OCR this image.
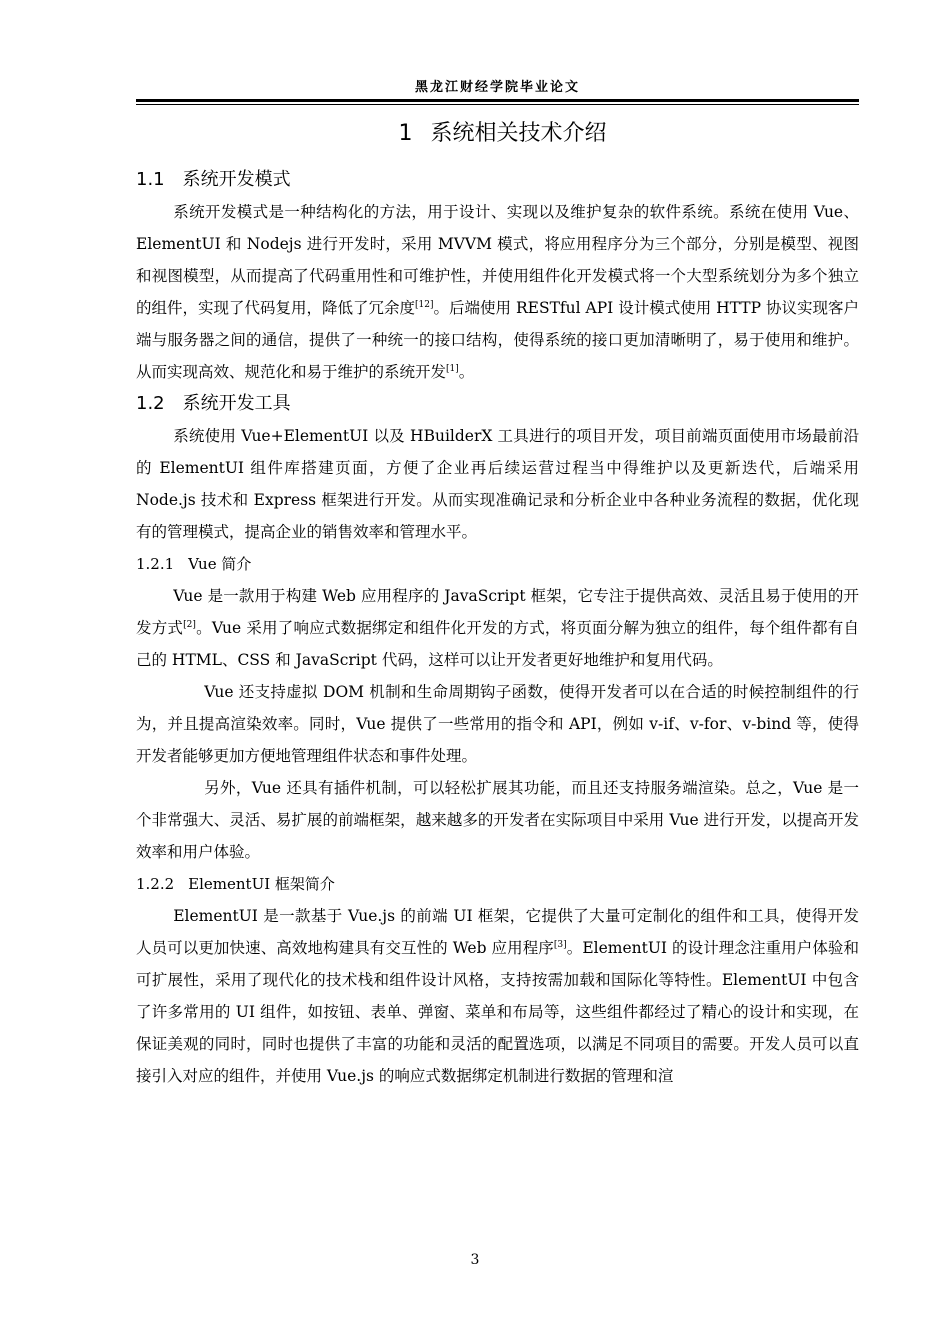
黑龙江财经学院毕业论文
1 系统相关技术介绍
1.1 系统开发模式

系统开发模式是一种结构化的方法，用于设计、实现以及维护复杂的软件系统。系统在使用 Vue、ElementUI 和 Nodejs 进行开发时，采用 MVVM 模式，将应用程序分为三个部分，分别是模型、视图和视图模型，从而提高了代码重用性和可维护性，并使用组件化开发模式将一个大型系统划分为多个独立的组件，实现了代码复用，降低了冗余度[12]。后端使用 RESTful API 设计模式使用 HTTP 协议实现客户端与服务器之间的通信，提供了一种统一的接口结构，使得系统的接口更加清晰明了，易于使用和维护。从而实现高效、规范化和易于维护的系统开发[1]。

1.2 系统开发工具

系统使用 Vue+ElementUI 以及 HBuilderX 工具进行的项目开发，项目前端页面使用市场最前沿的 ElementUI 组件库搭建页面，方便了企业再后续运营过程当中得维护以及更新迭代，后端采用 Node.js 技术和 Express 框架进行开发。从而实现准确记录和分析企业中各种业务流程的数据，优化现有的管理模式，提高企业的销售效率和管理水平。

1.2.1 Vue 简介

Vue 是一款用于构建 Web 应用程序的 JavaScript 框架，它专注于提供高效、灵活且易于使用的开发方式[2]。Vue 采用了响应式数据绑定和组件化开发的方式，将页面分解为独立的组件，每个组件都有自己的 HTML、CSS 和 JavaScript 代码，这样可以让开发者更好地维护和复用代码。

Vue 还支持虚拟 DOM 机制和生命周期钩子函数，使得开发者可以在合适的时候控制组件的行为，并且提高渲染效率。同时，Vue 提供了一些常用的指令和 API，例如 v-if、v-for、v-bind 等，使得开发者能够更加方便地管理组件状态和事件处理。

另外，Vue 还具有插件机制，可以轻松扩展其功能，而且还支持服务端渲染。总之，Vue 是一个非常强大、灵活、易扩展的前端框架，越来越多的开发者在实际项目中采用 Vue 进行开发，以提高开发效率和用户体验。

1.2.2 ElementUI 框架简介

ElementUI 是一款基于 Vue.js 的前端 UI 框架，它提供了大量可定制化的组件和工具，使得开发人员可以更加快速、高效地构建具有交互性的 Web 应用程序[3]。ElementUI 的设计理念注重用户体验和可扩展性，采用了现代化的技术栈和组件设计风格，支持按需加载和国际化等特性。ElementUI 中包含了许多常用的 UI 组件，如按钮、表单、弹窗、菜单和布局等，这些组件都经过了精心的设计和实现，在保证美观的同时，同时也提供了丰富的功能和灵活的配置选项，以满足不同项目的需要。开发人员可以直接引入对应的组件，并使用 Vue.js 的响应式数据绑定机制进行数据的管理和渲

3
